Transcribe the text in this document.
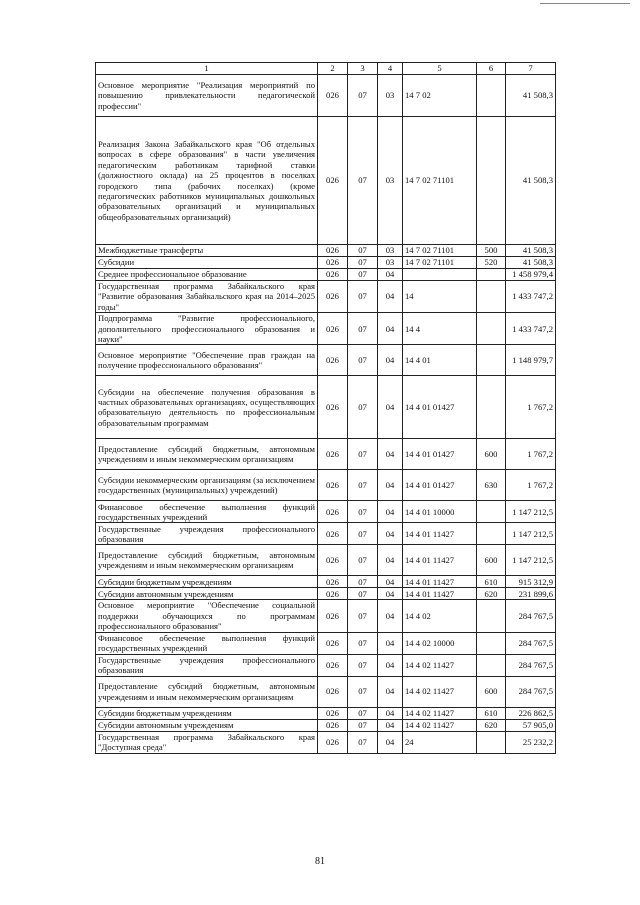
1	2	3	4	5	6	7
Основное мероприятие "Реализация мероприятий по повышению привлекательности педагогической профессии"	026	07	03	14 7 02		41 508,3
Реализация Закона Забайкальского края "Об отдельных вопросах в сфере образования" в части увеличения педагогическим работникам тарифной ставки (должностного оклада) на 25 процентов в поселках городского типа (рабочих поселках) (кроме педагогических работников муниципальных дошкольных образовательных организаций и муниципальных общеобразовательных организаций)	026	07	03	14 7 02 71101		41 508,3
Межбюджетные трансферты	026	07	03	14 7 02 71101	500	41 508,3
Субсидии	026	07	03	14 7 02 71101	520	41 508,3
Среднее профессиональное образование	026	07	04			1 458 979,4
Государственная программа Забайкальского края "Развитие образования Забайкальского края на 2014–2025 годы"	026	07	04	14		1 433 747,2
Подпрограмма "Развитие профессионального, дополнительного профессионального образования и науки"	026	07	04	14 4		1 433 747,2
Основное мероприятие "Обеспечение прав граждан на получение профессионального образования"	026	07	04	14 4 01		1 148 979,7
Субсидии на обеспечение получения образования в частных образовательных организациях, осуществляющих образовательную деятельность по профессиональным образовательным программам	026	07	04	14 4 01 01427		1 767,2
Предоставление субсидий бюджетным, автономным учреждениям и иным некоммерческим организациям	026	07	04	14 4 01 01427	600	1 767,2
Субсидии некоммерческим организациям (за исключением государственных (муниципальных) учреждений)	026	07	04	14 4 01 01427	630	1 767,2
Финансовое обеспечение выполнения функций государственных учреждений	026	07	04	14 4 01 10000		1 147 212,5
Государственные учреждения профессионального образования	026	07	04	14 4 01 11427		1 147 212,5
Предоставление субсидий бюджетным, автономным учреждениям и иным некоммерческим организациям	026	07	04	14 4 01 11427	600	1 147 212,5
Субсидии бюджетным учреждениям	026	07	04	14 4 01 11427	610	915 312,9
Субсидии автономным учреждениям	026	07	04	14 4 01 11427	620	231 899,6
Основное мероприятие "Обеспечение социальной поддержки обучающихся по программам профессионального образования"	026	07	04	14 4 02		284 767,5
Финансовое обеспечение выполнения функций государственных учреждений	026	07	04	14 4 02 10000		284 767,5
Государственные учреждения профессионального образования	026	07	04	14 4 02 11427		284 767,5
Предоставление субсидий бюджетным, автономным учреждениям и иным некоммерческим организациям	026	07	04	14 4 02 11427	600	284 767,5
Субсидии бюджетным учреждениям	026	07	04	14 4 02 11427	610	226 862,5
Субсидии автономным учреждениям	026	07	04	14 4 02 11427	620	57 905,0
Государственная программа Забайкальского края "Доступная среда"	026	07	04	24		25 232,2
81
